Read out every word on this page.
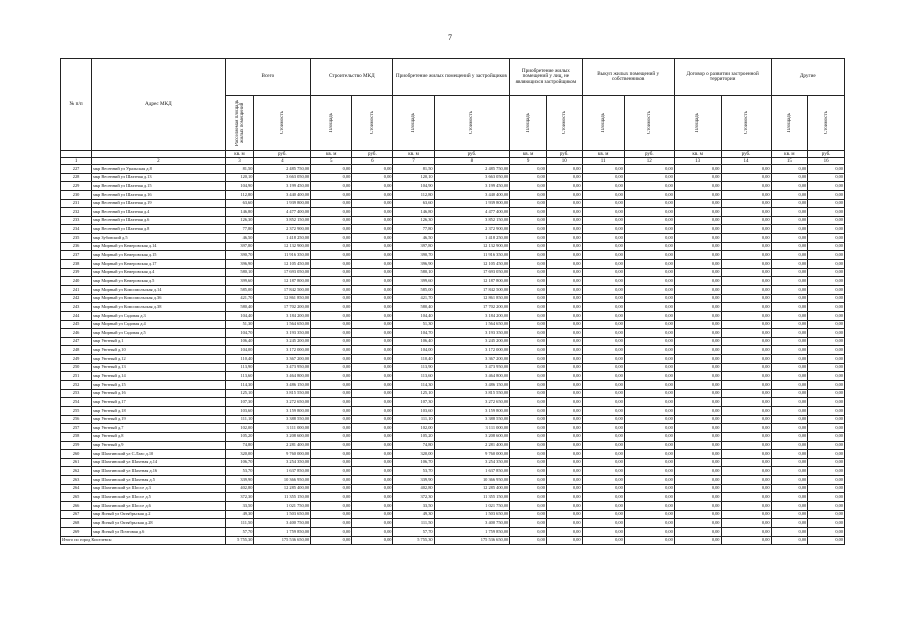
7
№ п/п	Адрес МКД	Всего		Строительство МКД		Приобретение жилых помещений у застройщиков		Приобретение жилых помещений у лиц, не являющихся застройщиком		Выкуп жилых помещений у собственников		Договор о развитии застроенной территории		Другие	

		Расселяемая площадь жилых помещений	Стоимость	Площадь	Стоимость	Площадь	Стоимость	Площадь	Стоимость	Площадь	Стоимость	Площадь	Стоимость	Площадь	Стоимость

		кв. м	руб.	кв. м	руб.	кв. м	руб.	кв. м	руб.	кв. м	руб.	кв. м	руб.	кв. м	руб.
1	2	3	4	5	6	7	8	9	10	11	12	13	14	15	16
227	мкр Весенний ул Уральская д.8	81,50	2 485 750,00	0,00	0,00	81,50	2 485 750,00	0,00	0,00	0,00	0,00	0,00	0,00	0,00	0,00
228	мкр Весенний ул Шахтная д.13	120,10	3 663 050,00	0,00	0,00	120,10	3 663 050,00	0,00	0,00	0,00	0,00	0,00	0,00	0,00	0,00
229	мкр Весенний ул Шахтная д.15	104,90	3 199 450,00	0,00	0,00	104,90	3 199 450,00	0,00	0,00	0,00	0,00	0,00	0,00	0,00	0,00
230	мкр Весенний ул Шахтная д.16	112,80	3 440 400,00	0,00	0,00	112,80	3 440 400,00	0,00	0,00	0,00	0,00	0,00	0,00	0,00	0,00
231	мкр Весенний ул Шахтная д.19	63,60	1 939 800,00	0,00	0,00	63,60	1 939 800,00	0,00	0,00	0,00	0,00	0,00	0,00	0,00	0,00
232	мкр Весенний ул Шахтная д.4	146,80	4 477 400,00	0,00	0,00	146,80	4 477 400,00	0,00	0,00	0,00	0,00	0,00	0,00	0,00	0,00
233	мкр Весенний ул Шахтная д.6	126,30	3 852 150,00	0,00	0,00	126,30	3 852 150,00	0,00	0,00	0,00	0,00	0,00	0,00	0,00	0,00
234	мкр Весенний ул Шахтная д.8	77,80	2 372 900,00	0,00	0,00	77,80	2 372 900,00	0,00	0,00	0,00	0,00	0,00	0,00	0,00	0,00
235	мкр Зубовский д.5	46,50	1 418 250,00	0,00	0,00	46,50	1 418 250,00	0,00	0,00	0,00	0,00	0,00	0,00	0,00	0,00
236	мкр Мирный ул Кемеровская д.14	397,80	12 132 900,00	0,00	0,00	397,80	12 132 900,00	0,00	0,00	0,00	0,00	0,00	0,00	0,00	0,00
237	мкр Мирный ул Кемеровская д.15	390,70	11 916 350,00	0,00	0,00	390,70	11 916 350,00	0,00	0,00	0,00	0,00	0,00	0,00	0,00	0,00
238	мкр Мирный ул Кемеровская д.17	396,90	12 105 450,00	0,00	0,00	396,90	12 105 450,00	0,00	0,00	0,00	0,00	0,00	0,00	0,00	0,00
239	мкр Мирный ул Кемеровская д.4	580,10	17 693 050,00	0,00	0,00	580,10	17 693 050,00	0,00	0,00	0,00	0,00	0,00	0,00	0,00	0,00
240	мкр Мирный ул Кемеровская д.5	399,60	12 187 800,00	0,00	0,00	399,60	12 187 800,00	0,00	0,00	0,00	0,00	0,00	0,00	0,00	0,00
241	мкр Мирный ул Комсомольская д.14	585,00	17 842 500,00	0,00	0,00	585,00	17 842 500,00	0,00	0,00	0,00	0,00	0,00	0,00	0,00	0,00
242	мкр Мирный ул Комсомольская д.36	421,70	12 861 850,00	0,00	0,00	421,70	12 861 850,00	0,00	0,00	0,00	0,00	0,00	0,00	0,00	0,00
243	мкр Мирный ул Комсомольская д.38	580,40	17 702 200,00	0,00	0,00	580,40	17 702 200,00	0,00	0,00	0,00	0,00	0,00	0,00	0,00	0,00
244	мкр Мирный ул Садовая д.3	104,40	3 184 200,00	0,00	0,00	104,40	3 184 200,00	0,00	0,00	0,00	0,00	0,00	0,00	0,00	0,00
245	мкр Мирный ул Садовая д.4	51,30	1 564 650,00	0,00	0,00	51,30	1 564 650,00	0,00	0,00	0,00	0,00	0,00	0,00	0,00	0,00
246	мкр Мирный ул Садовая д.5	104,70	3 193 350,00	0,00	0,00	104,70	3 193 350,00	0,00	0,00	0,00	0,00	0,00	0,00	0,00	0,00
247	мкр Уютный д.1	106,40	3 245 200,00	0,00	0,00	106,40	3 245 200,00	0,00	0,00	0,00	0,00	0,00	0,00	0,00	0,00
248	мкр Уютный д.10	104,00	3 172 000,00	0,00	0,00	104,00	3 172 000,00	0,00	0,00	0,00	0,00	0,00	0,00	0,00	0,00
249	мкр Уютный д.12	110,40	3 367 200,00	0,00	0,00	110,40	3 367 200,00	0,00	0,00	0,00	0,00	0,00	0,00	0,00	0,00
250	мкр Уютный д.13	113,90	3 473 950,00	0,00	0,00	113,90	3 473 950,00	0,00	0,00	0,00	0,00	0,00	0,00	0,00	0,00
251	мкр Уютный д.14	113,60	3 464 800,00	0,00	0,00	113,60	3 464 800,00	0,00	0,00	0,00	0,00	0,00	0,00	0,00	0,00
252	мкр Уютный д.15	114,30	3 486 150,00	0,00	0,00	114,30	3 486 150,00	0,00	0,00	0,00	0,00	0,00	0,00	0,00	0,00
253	мкр Уютный д.16	125,10	3 815 550,00	0,00	0,00	125,10	3 815 550,00	0,00	0,00	0,00	0,00	0,00	0,00	0,00	0,00
254	мкр Уютный д.17	107,30	3 272 650,00	0,00	0,00	107,30	3 272 650,00	0,00	0,00	0,00	0,00	0,00	0,00	0,00	0,00
255	мкр Уютный д.18	103,60	3 159 800,00	0,00	0,00	103,60	3 159 800,00	0,00	0,00	0,00	0,00	0,00	0,00	0,00	0,00
256	мкр Уютный д.19	111,10	3 388 550,00	0,00	0,00	111,10	3 388 550,00	0,00	0,00	0,00	0,00	0,00	0,00	0,00	0,00
257	мкр Уютный д.7	102,00	3 111 000,00	0,00	0,00	102,00	3 111 000,00	0,00	0,00	0,00	0,00	0,00	0,00	0,00	0,00
258	мкр Уютный д.8	105,20	3 208 600,00	0,00	0,00	105,20	3 208 600,00	0,00	0,00	0,00	0,00	0,00	0,00	0,00	0,00
259	мкр Уютный д.9	74,80	2 281 400,00	0,00	0,00	74,80	2 281 400,00	0,00	0,00	0,00	0,00	0,00	0,00	0,00	0,00
260	мкр Шахтинский ул С.Лазо д.10	320,00	9 760 000,00	0,00	0,00	320,00	9 760 000,00	0,00	0,00	0,00	0,00	0,00	0,00	0,00	0,00
261	мкр Шахтинский ул Шахтная д.14	106,70	3 254 350,00	0,00	0,00	106,70	3 254 350,00	0,00	0,00	0,00	0,00	0,00	0,00	0,00	0,00
262	мкр Шахтинский ул Шахтная д.16	53,70	1 637 850,00	0,00	0,00	53,70	1 637 850,00	0,00	0,00	0,00	0,00	0,00	0,00	0,00	0,00
263	мкр Шахтинский ул Шахтная д.5	339,90	10 366 950,00	0,00	0,00	339,90	10 366 950,00	0,00	0,00	0,00	0,00	0,00	0,00	0,00	0,00
264	мкр Шахтинский ул Шоссе д.3	402,80	12 285 400,00	0,00	0,00	402,80	12 285 400,00	0,00	0,00	0,00	0,00	0,00	0,00	0,00	0,00
265	мкр Шахтинский ул Шоссе д.5	372,30	11 355 150,00	0,00	0,00	372,30	11 355 150,00	0,00	0,00	0,00	0,00	0,00	0,00	0,00	0,00
266	мкр Шахтинский ул Шоссе д.6	33,50	1 021 750,00	0,00	0,00	33,50	1 021 750,00	0,00	0,00	0,00	0,00	0,00	0,00	0,00	0,00
267	мкр Ясный ул Октябрьская д.2	49,30	1 503 650,00	0,00	0,00	49,30	1 503 650,00	0,00	0,00	0,00	0,00	0,00	0,00	0,00	0,00
268	мкр Ясный ул Октябрьская д.28	111,50	3 400 750,00	0,00	0,00	111,50	3 400 750,00	0,00	0,00	0,00	0,00	0,00	0,00	0,00	0,00
269	мкр Ясный ул Почтовая д.6	57,70	1 759 850,00	0,00	0,00	57,70	1 759 850,00	0,00	0,00	0,00	0,00	0,00	0,00	0,00	0,00
Итого по город Киселевск:		5 755,30	175 536 650,00	0,00	0,00	5 755,30	175 536 650,00	0,00	0,00	0,00	0,00	0,00	0,00	0,00	0,00
